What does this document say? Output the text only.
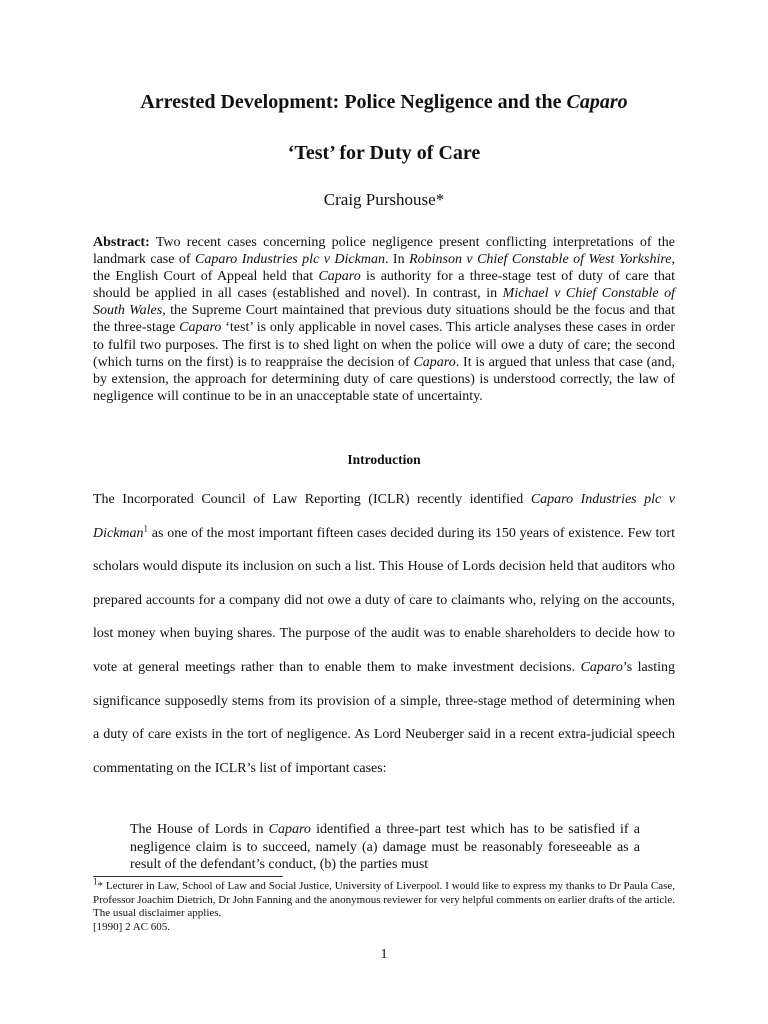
Arrested Development: Police Negligence and the Caparo
‘Test’ for Duty of Care

Craig Purshouse*

Abstract: Two recent cases concerning police negligence present conflicting interpretations of the landmark case of Caparo Industries plc v Dickman. In Robinson v Chief Constable of West Yorkshire, the English Court of Appeal held that Caparo is authority for a three-stage test of duty of care that should be applied in all cases (established and novel). In contrast, in Michael v Chief Constable of South Wales, the Supreme Court maintained that previous duty situations should be the focus and that the three-stage Caparo ‘test’ is only applicable in novel cases. This article analyses these cases in order to fulfil two purposes. The first is to shed light on when the police will owe a duty of care; the second (which turns on the first) is to reappraise the decision of Caparo. It is argued that unless that case (and, by extension, the approach for determining duty of care questions) is understood correctly, the law of negligence will continue to be in an unacceptable state of uncertainty.

Introduction

The Incorporated Council of Law Reporting (ICLR) recently identified Caparo Industries plc v Dickman$^1$ as one of the most important fifteen cases decided during its 150 years of existence. Few tort scholars would dispute its inclusion on such a list. This House of Lords decision held that auditors who prepared accounts for a company did not owe a duty of care to claimants who, relying on the accounts, lost money when buying shares. The purpose of the audit was to enable shareholders to decide how to vote at general meetings rather than to enable them to make investment decisions. Caparo’s lasting significance supposedly stems from its provision of a simple, three-stage method of determining when a duty of care exists in the tort of negligence. As Lord Neuberger said in a recent extra-judicial speech commentating on the ICLR’s list of important cases:

The House of Lords in Caparo identified a three-part test which has to be satisfied if a negligence claim is to succeed, namely (a) damage must be reasonably foreseeable as a result of the defendant’s conduct, (b) the parties must

$^1$* Lecturer in Law, School of Law and Social Justice, University of Liverpool. I would like to express my thanks to Dr Paula Case, Professor Joachim Dietrich, Dr John Fanning and the anonymous reviewer for very helpful comments on earlier drafts of the article. The usual disclaimer applies.

[1990] 2 AC 605.

1
